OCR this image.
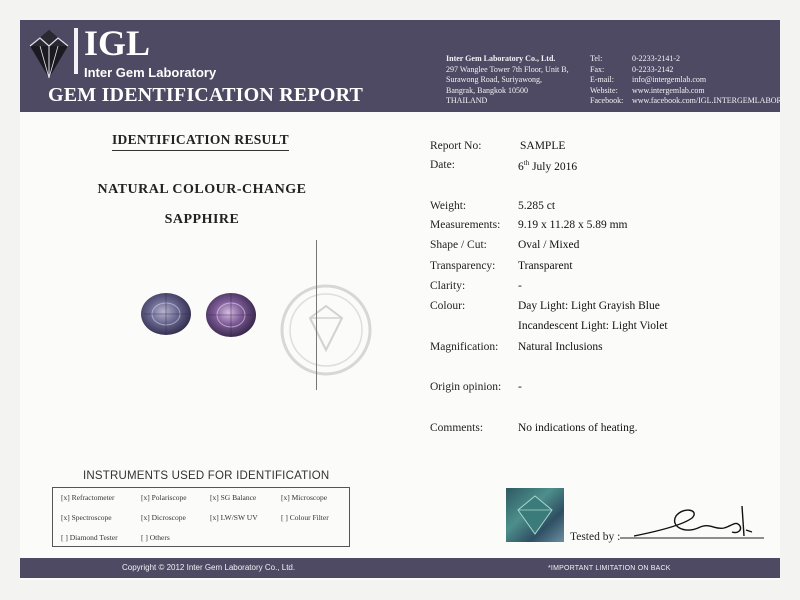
IGL
Inter Gem Laboratory
GEM IDENTIFICATION REPORT
Inter Gem Laboratory Co., Ltd.
297 Wanglee Tower 7th Floor, Unit B,
Surawong Road, Suriyawong,
Bangrak, Bangkok 10500
THAILAND
Tel:	0-2233-2141-2
Fax:	0-2233-2142
E-mail: info@intergemlab.com
Website: www.intergemlab.com
Facebook: www.facebook.com/IGL.INTERGEMLABORAT
IDENTIFICATION RESULT
NATURAL COLOUR-CHANGE
SAPPHIRE
Report No:	SAMPLE
Date:	6th July 2016
Weight:	5.285 ct
Measurements: 9.19 x 11.28 x 5.89 mm
Shape / Cut:	Oval / Mixed
Transparency: Transparent
Clarity:	-
Colour:	Day Light: Light Grayish Blue
Incandescent Light: Light Violet
Magnification: Natural Inclusions
Origin opinion: -
Comments:	No indications of heating.
INSTRUMENTS USED FOR IDENTIFICATION
[x] Refractometer	[x] Polariscope	[x] SG Balance	[x] Microscope
[x] Spectroscope	[x] Dicroscope	[x] LW/SW UV	[ ] Colour Filter
[ ] Diamond Tester	[ ] Others	Tested by :
Copyright © 2012 Inter Gem Laboratory Co., Ltd.	*IMPORTANT LIMITATION ON BACK
